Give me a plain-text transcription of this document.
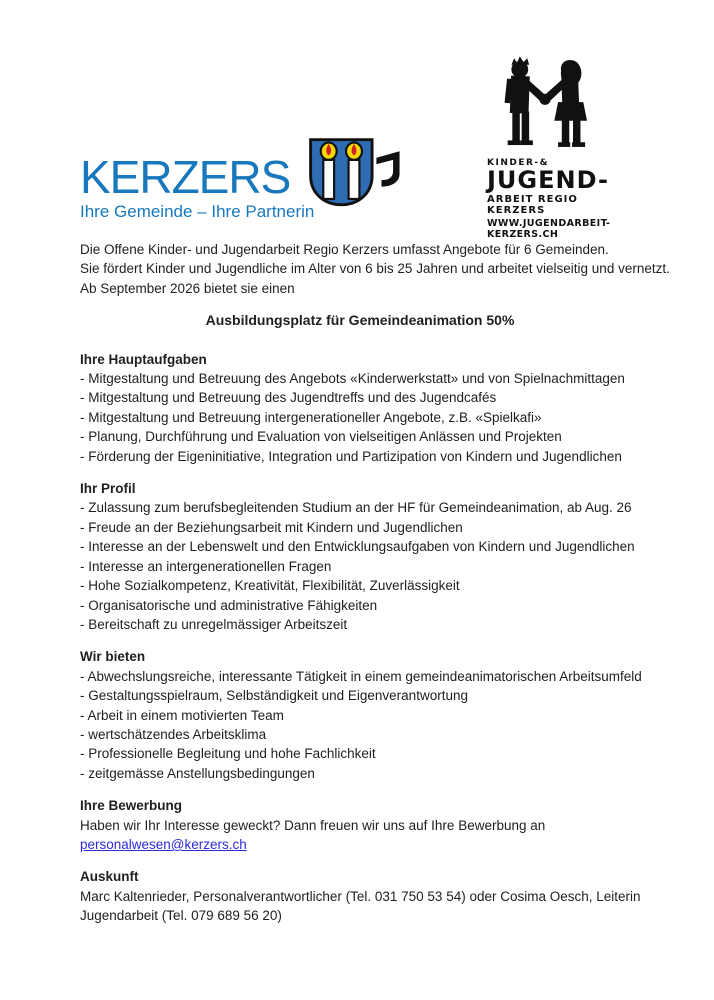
KERZERS
Ihre Gemeinde – Ihre Partnerin
KINDER-&
JUGEND-
ARBEIT REGIO KERZERS
WWW.JUGENDARBEIT-KERZERS.CH
Die Offene Kinder- und Jugendarbeit Regio Kerzers umfasst Angebote für 6 Gemeinden.
Sie fördert Kinder und Jugendliche im Alter von 6 bis 25 Jahren und arbeitet vielseitig und vernetzt.
Ab September 2026 bietet sie einen
Ausbildungsplatz für Gemeindeanimation 50%
Ihre Hauptaufgaben
- Mitgestaltung und Betreuung des Angebots «Kinderwerkstatt» und von Spielnachmittagen
- Mitgestaltung und Betreuung des Jugendtreffs und des Jugendcafés
- Mitgestaltung und Betreuung intergenerationeller Angebote, z.B. «Spielkafi»
- Planung, Durchführung und Evaluation von vielseitigen Anlässen und Projekten
- Förderung der Eigeninitiative, Integration und Partizipation von Kindern und Jugendlichen
Ihr Profil
- Zulassung zum berufsbegleitenden Studium an der HF für Gemeindeanimation, ab Aug. 26
- Freude an der Beziehungsarbeit mit Kindern und Jugendlichen
- Interesse an der Lebenswelt und den Entwicklungsaufgaben von Kindern und Jugendlichen
- Interesse an intergenerationellen Fragen
- Hohe Sozialkompetenz, Kreativität, Flexibilität, Zuverlässigkeit
- Organisatorische und administrative Fähigkeiten
- Bereitschaft zu unregelmässiger Arbeitszeit
Wir bieten
- Abwechslungsreiche, interessante Tätigkeit in einem gemeindeanimatorischen Arbeitsumfeld
- Gestaltungsspielraum, Selbständigkeit und Eigenverantwortung
- Arbeit in einem motivierten Team
- wertschätzendes Arbeitsklima
- Professionelle Begleitung und hohe Fachlichkeit
- zeitgemässe Anstellungsbedingungen
Ihre Bewerbung
Haben wir Ihr Interesse geweckt? Dann freuen wir uns auf Ihre Bewerbung an
personalwesen@kerzers.ch
Auskunft
Marc Kaltenrieder, Personalverantwortlicher (Tel. 031 750 53 54) oder Cosima Oesch, Leiterin
Jugendarbeit (Tel. 079 689 56 20)
